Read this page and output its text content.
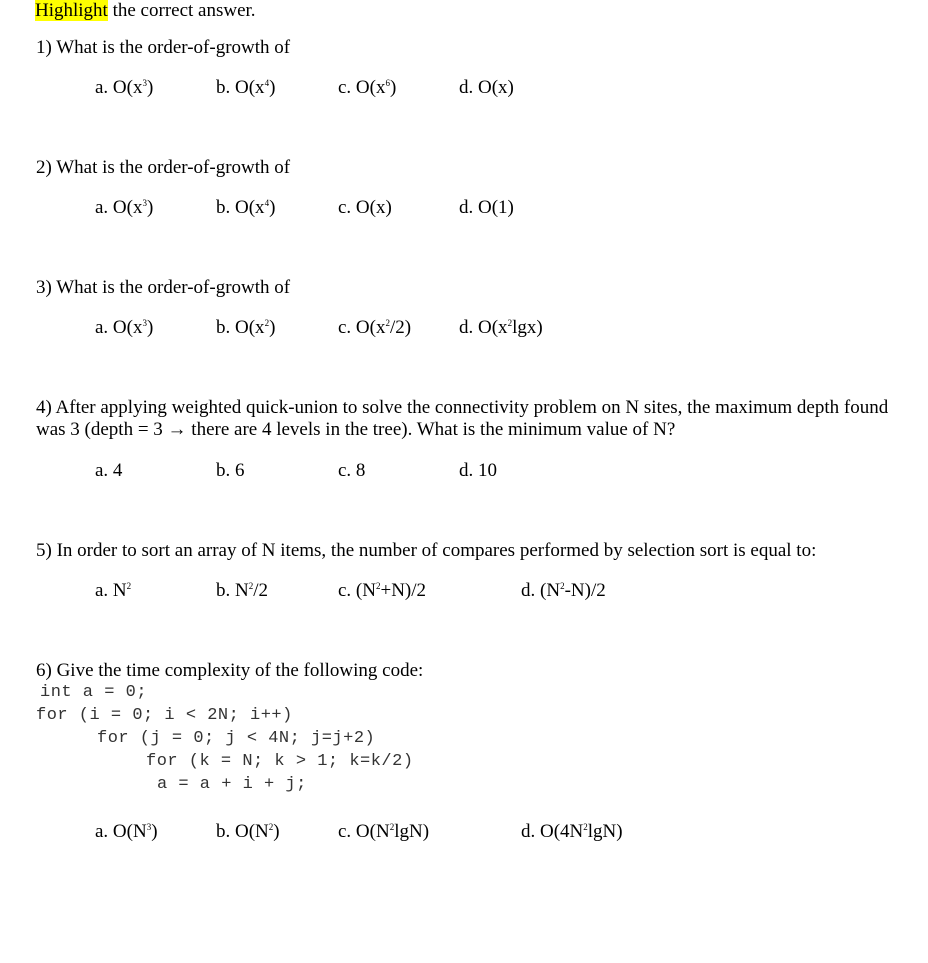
Highlight the correct answer.
1) What is the order-of-growth of
a. $O(x^3)$	b. $O(x^4)$	c. $O(x^6)$	d. O(x)
2) What is the order-of-growth of
a. $O(x^3)$	b. $O(x^4)$	c. O(x)	d. O(1)
3) What is the order-of-growth of
a. $O(x^3)$	b. $O(x^2)$	c. $O(x^2/2)$	d. $O(x^2\lg x)$
4) After applying weighted quick-union to solve the connectivity problem on N sites, the maximum depth found was 3 (depth = 3 → there are 4 levels in the tree). What is the minimum value of N?
a. 4	b. 6	c. 8	d. 10
5) In order to sort an array of N items, the number of compares performed by selection sort is equal to:
a. $N^2$	b. $N^2/2$	c. $(N^2+N)/2$	d. $(N^2-N)/2$
6) Give the time complexity of the following code:
int a = 0;
for (i = 0; i < 2N; i++)
for (j = 0; j < 4N; j=j+2)
for (k = N; k > 1; k=k/2)
a = a + i + j;
a. $O(N^3)$	b. $O(N^2)$	c. $O(N^2\lg N)$	d. $O(4N^2\lg N)$
